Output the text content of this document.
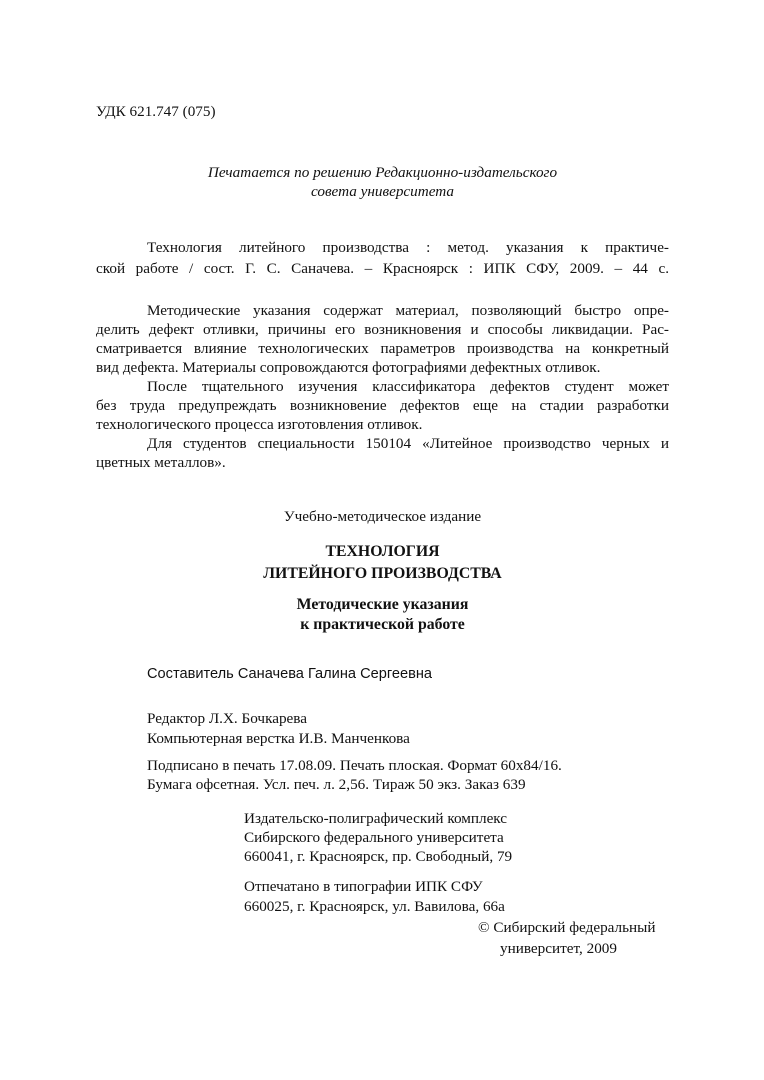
УДК 621.747 (075)
Печатается по решению Редакционно-издательского
совета университета
Технология литейного производства : метод. указания к практиче-
ской работе / сост. Г. С. Саначева. – Красноярск : ИПК СФУ, 2009. – 44 с.
Методические указания содержат материал, позволяющий быстро опре-
делить дефект отливки, причины его возникновения и способы ликвидации. Рас-
сматривается влияние технологических параметров производства на конкретный
вид дефекта. Материалы сопровождаются фотографиями дефектных отливок.
После тщательного изучения классификатора дефектов студент может
без труда предупреждать возникновение дефектов еще на стадии разработки
технологического процесса изготовления отливок.
Для студентов специальности 150104 «Литейное производство черных и
цветных металлов».
Учебно-методическое издание
ТЕХНОЛОГИЯ
ЛИТЕЙНОГО ПРОИЗВОДСТВА
Методические указания
к практической работе
Составитель Саначева Галина Сергеевна
Редактор Л.Х. Бочкарева
Компьютерная верстка И.В. Манченкова
Подписано в печать 17.08.09. Печать плоская. Формат 60х84/16.
Бумага офсетная. Усл. печ. л. 2,56. Тираж 50 экз. Заказ 639
Издательско-полиграфический комплекс
Сибирского федерального университета
660041, г. Красноярск, пр. Свободный, 79
Отпечатано в типографии ИПК СФУ
660025, г. Красноярск, ул. Вавилова, 66а
© Сибирский федеральный
университет, 2009
